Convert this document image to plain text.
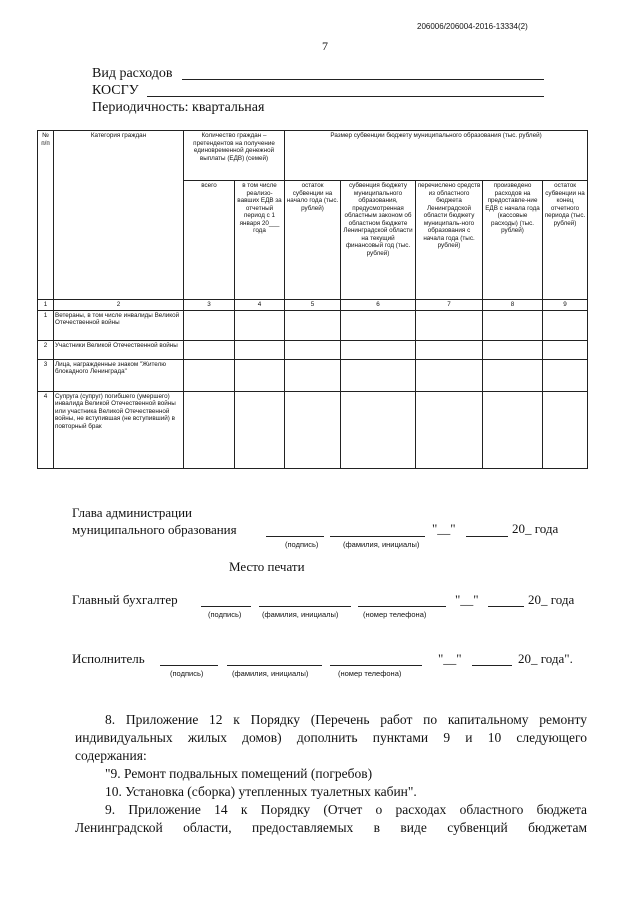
206006/206004-2016-13334(2)
7
Вид расходов
КОСГУ
Периодичность: квартальная
№ п/п	Категория граждан	Количество граждан – претендентов на получение единовременной денежной выплаты (ЕДВ) (семей)		Размер субвенции бюджету муниципального образования (тыс. рублей)				
		всего	в том числе реализо-вавших ЕДВ за отчетный период с 1 января 20___ года	остаток субвенции на начало года (тыс. рублей)	субвенция бюджету муниципального образования, предусмотренная областным законом об областном бюджете Ленинградской области на текущий финансовый год (тыс. рублей)	перечислено средств из областного бюджета Ленинградской области бюджету муниципаль-ного образования с начала года (тыс. рублей)	произведено расходов на предоставле-ние ЕДВ с начала года (кассовые расходы) (тыс. рублей)	остаток субвенции на конец отчетного периода (тыс. рублей)
1	2	3	4	5	6	7	8	9
1	Ветераны, в том числе инвалиды Великой Отечественной войны							
2	Участники Великой Отечественной войны							
3	Лица, награжденные знаком "Жителю блокадного Ленинграда"							
4	Супруга (супруг) погибшего (умершего) инвалида Великой Отечественной войны или участника Великой Отечественной войны, не вступившая (не вступивший) в повторный брак							
Глава администрации
муниципального образования	"__"	20_ года
(подпись)	(фамилия, инициалы)
Место печати
Главный бухгалтер	"__"	20_ года
(подпись)	(фамилия, инициалы)	(номер телефона)
Исполнитель	"__"	20_ года".
(подпись)	(фамилия, инициалы)	(номер телефона)
8. Приложение 12 к Порядку (Перечень работ по капитальному ремонту
индивидуальных жилых домов) дополнить пунктами 9 и 10 следующего
содержания:
"9. Ремонт подвальных помещений (погребов)
10. Установка (сборка) утепленных туалетных кабин".
9. Приложение 14 к Порядку (Отчет о расходах областного бюджета
Ленинградской области, предоставляемых в виде субвенций бюджетам
